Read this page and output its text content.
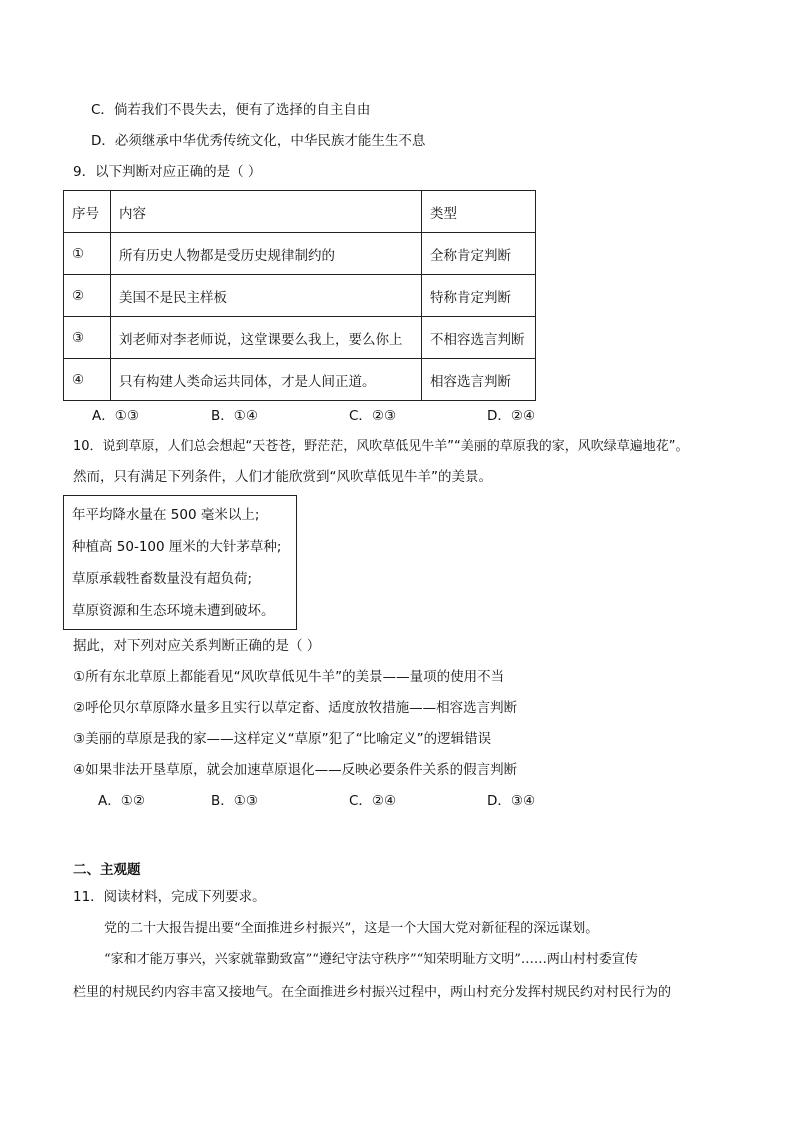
C．倘若我们不畏失去，便有了选择的自主自由
D．必须继承中华优秀传统文化，中华民族才能生生不息
9．以下判断对应正确的是（ ）
序号	内容	类型
①	所有历史人物都是受历史规律制约的	全称肯定判断
②	美国不是民主样板	特称肯定判断
③	刘老师对李老师说，这堂课要么我上，要么你上	不相容选言判断
④	只有构建人类命运共同体，才是人间正道。	相容选言判断
A．①③	B．①④	C．②③	D．②④
10．说到草原，人们总会想起“天苍苍，野茫茫，风吹草低见牛羊”“美丽的草原我的家，风吹绿草遍地花”。
然而，只有满足下列条件，人们才能欣赏到“风吹草低见牛羊”的美景。
年平均降水量在 500 毫米以上;
种植高 50-100 厘米的大针茅草种;
草原承载牲畜数量没有超负荷;
草原资源和生态环境未遭到破坏。
据此，对下列对应关系判断正确的是（ ）
①所有东北草原上都能看见“风吹草低见牛羊”的美景——量项的使用不当
②呼伦贝尔草原降水量多且实行以草定畜、适度放牧措施——相容选言判断
③美丽的草原是我的家——这样定义“草原”犯了“比喻定义”的逻辑错误
④如果非法开垦草原，就会加速草原退化——反映必要条件关系的假言判断
A．①②	B．①③	C．②④	D．③④
二、主观题
11．阅读材料，完成下列要求。
党的二十大报告提出要“全面推进乡村振兴”，这是一个大国大党对新征程的深远谋划。
“家和才能万事兴，兴家就靠勤致富”“遵纪守法守秩序”“知荣明耻方文明”……两山村村委宣传
栏里的村规民约内容丰富又接地气。在全面推进乡村振兴过程中，两山村充分发挥村规民约对村民行为的
